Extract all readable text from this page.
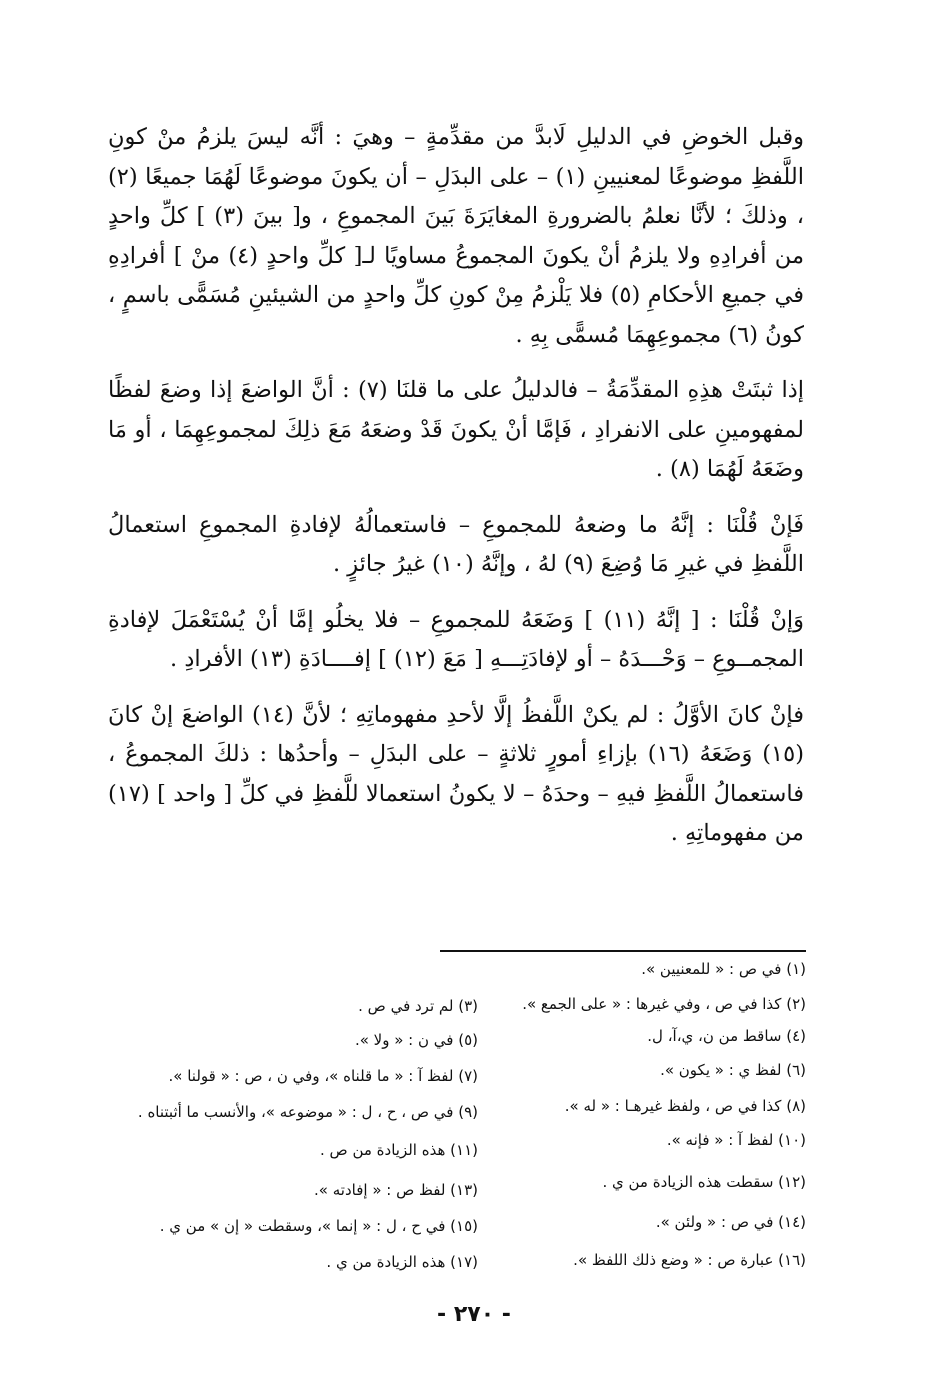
وقبل الخوضِ في الدليلِ لَابدَّ من مقدِّمةٍ – وهيَ : أنَّه ليسَ يلزمُ منْ كونِ اللَّفظِ موضوعًا لمعنيينِ (١) – على البدَلِ – أن يكونَ موضوعًا لَهُمَا جميعًا (٢) ، وذلكَ ؛ لأنَّا نعلمُ بالضرورةِ المغايَرَةَ بَينَ المجموعِ ، و[ بينَ (٣) ] كلِّ واحدٍ من أفرادِهِ ولا يلزمُ أنْ يكونَ المجموعُ مساويًا لـ[ كلِّ واحدٍ (٤) منْ ] أفرادِهِ في جميعِ الأحكامِ (٥) فلا يَلْزمُ مِنْ كونِ كلِّ واحدٍ من الشيئينِ مُسَمًّى باسمٍ ، كونُ (٦) مجموعِهِمَا مُسمًّى بِهِ .

إذا ثبتَتْ هذِهِ المقدِّمَةُ – فالدليلُ على ما قلنَا (٧) : أنَّ الواضعَ إذا وضعَ لفظًا لمفهومينِ على الانفرادِ ، فَإمَّا أنْ يكونَ قَدْ وضعَهُ مَعَ ذلِكَ لمجموعِهِمَا ، أو مَا وضَعَهُ لَهُمَا (٨) .

فَإنْ قُلْنَا : إنَّهُ ما وضعهُ للمجموعِ – فاستعمالُهُ لإفادةِ المجموعِ استعمالُ اللَّفظِ في غيرِ مَا وُضِعَ (٩) لهُ ، وإنَّهُ (١٠) غيرُ جائزٍ .

وَإنْ قُلْنَا : [ إنَّهُ (١١) ] وَضَعَهُ للمجموعِ – فلا يخلُو إمَّا أنْ يُسْتَعْمَلَ لإفادةِ المجمــوعِ – وَحْـــدَهُ – أو لإفادَتِـــهِ [ مَعَ (١٢) ] إفــــادَةِ (١٣) الأفرادِ .

فإنْ كانَ الأوَّلُ : لم يكنْ اللَّفظُ إلَّا لأحدِ مفهوماتِهِ ؛ لأنَّ (١٤) الواضعَ إنْ كانَ (١٥) وَضَعَهُ (١٦) بإزاءِ أمورٍ ثلاثةٍ – على البدَلِ – وأحدُها : ذلكَ المجموعُ ، فاستعمالُ اللَّفظِ فيهِ – وحدَهُ – لا يكونُ استعمالا للَّفظِ في كلِّ [ واحد ] (١٧) من مفهوماتِهِ .

(١) في ص : « للمعنيين ».
(٢) كذا في ص ، وفي غيرها : « على الجمع ».
(٤) ساقط من ن، ي،آ، ل.
(٦) لفظ ي : « يكون ».
(٨) كذا في ص ، ولفظ غيرهـا : « له ».
(١٠) لفظ آ : « فإنه ».
(١٢) سقطت هذه الزيادة من ي .
(١٤) في ص : « ولئن ».
(١٦) عبارة ص : « وضع ذلك اللفظ ».
(٣) لم ترد في ص .
(٥) في ن : « ولا ».
(٧) لفظ آ : « ما قلناه »، وفي ن ، ص : « قولنا ».
(٩) في ص ، ح ، ل : « موضوعه »، والأنسب ما أثبتناه .
(١١) هذه الزيادة من ص .
(١٣) لفظ ص : « إفادته ».
(١٥) في ح ، ل : « إنما »، وسقطت « إن » من ي .
(١٧) هذه الزيادة من ي .
- ٢٧٠ -
